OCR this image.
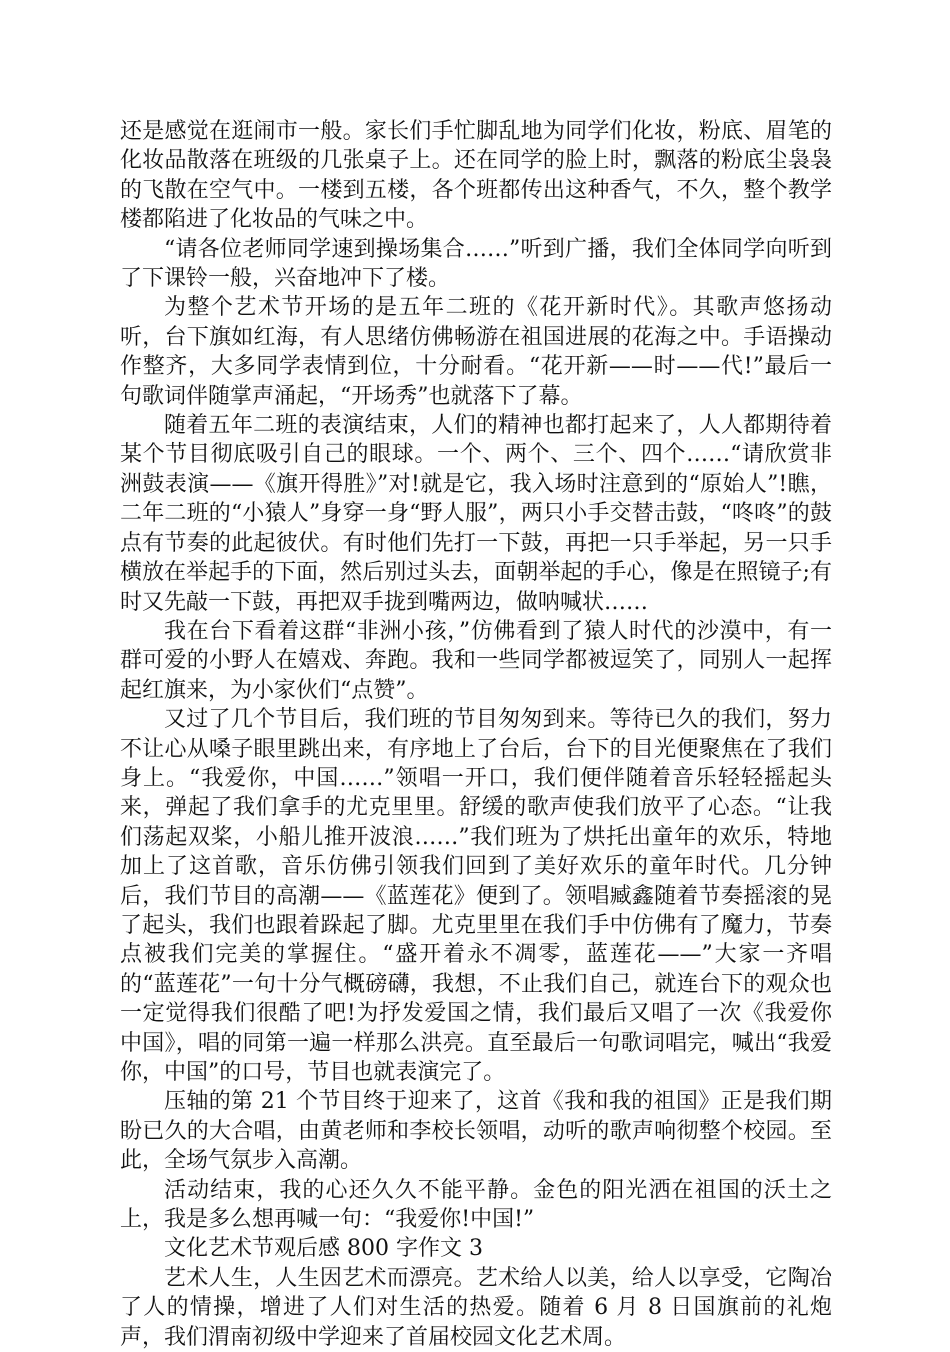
还是感觉在逛闹市一般。家长们手忙脚乱地为同学们化妆，粉底、眉笔的化妆品散落在班级的几张桌子上。还在同学的脸上时，飘落的粉底尘袅袅的飞散在空气中。一楼到五楼，各个班都传出这种香气，不久，整个教学楼都陷进了化妆品的气味之中。

“请各位老师同学速到操场集合……”听到广播，我们全体同学向听到了下课铃一般，兴奋地冲下了楼。

为整个艺术节开场的是五年二班的《花开新时代》。其歌声悠扬动听，台下旗如红海，有人思绪仿佛畅游在祖国进展的花海之中。手语操动作整齐，大多同学表情到位，十分耐看。“花开新——时——代!”最后一句歌词伴随掌声涌起，“开场秀”也就落下了幕。

随着五年二班的表演结束，人们的精神也都打起来了，人人都期待着某个节目彻底吸引自己的眼球。一个、两个、三个、四个……“请欣赏非洲鼓表演——《旗开得胜》”对!就是它，我入场时注意到的“原始人”!瞧，二年二班的“小猿人”身穿一身“野人服”，两只小手交替击鼓，“咚咚”的鼓点有节奏的此起彼伏。有时他们先打一下鼓，再把一只手举起，另一只手横放在举起手的下面，然后别过头去，面朝举起的手心，像是在照镜子;有时又先敲一下鼓，再把双手拢到嘴两边，做呐喊状……

我在台下看着这群“非洲小孩，”仿佛看到了猿人时代的沙漠中，有一群可爱的小野人在嬉戏、奔跑。我和一些同学都被逗笑了，同别人一起挥起红旗来，为小家伙们“点赞”。

又过了几个节目后，我们班的节目匆匆到来。等待已久的我们，努力不让心从嗓子眼里跳出来，有序地上了台后，台下的目光便聚焦在了我们身上。“我爱你，中国……”领唱一开口，我们便伴随着音乐轻轻摇起头来，弹起了我们拿手的尤克里里。舒缓的歌声使我们放平了心态。“让我们荡起双桨，小船儿推开波浪……”我们班为了烘托出童年的欢乐，特地加上了这首歌，音乐仿佛引领我们回到了美好欢乐的童年时代。几分钟后，我们节目的高潮——《蓝莲花》便到了。领唱臧鑫随着节奏摇滚的晃了起头，我们也跟着跺起了脚。尤克里里在我们手中仿佛有了魔力，节奏点被我们完美的掌握住。“盛开着永不凋零，蓝莲花——”大家一齐唱的“蓝莲花”一句十分气概磅礴，我想，不止我们自己，就连台下的观众也一定觉得我们很酷了吧!为抒发爱国之情，我们最后又唱了一次《我爱你中国》，唱的同第一遍一样那么洪亮。直至最后一句歌词唱完，喊出“我爱你，中国”的口号，节目也就表演完了。

压轴的第 21 个节目终于迎来了，这首《我和我的祖国》正是我们期盼已久的大合唱，由黄老师和李校长领唱，动听的歌声响彻整个校园。至此，全场气氛步入高潮。

活动结束，我的心还久久不能平静。金色的阳光洒在祖国的沃土之上，我是多么想再喊一句：“我爱你!中国!”

文化艺术节观后感 800 字作文 3

艺术人生，人生因艺术而漂亮。艺术给人以美，给人以享受，它陶冶了人的情操，增进了人们对生活的热爱。随着 6 月 8 日国旗前的礼炮声，我们渭南初级中学迎来了首届校园文化艺术周。
